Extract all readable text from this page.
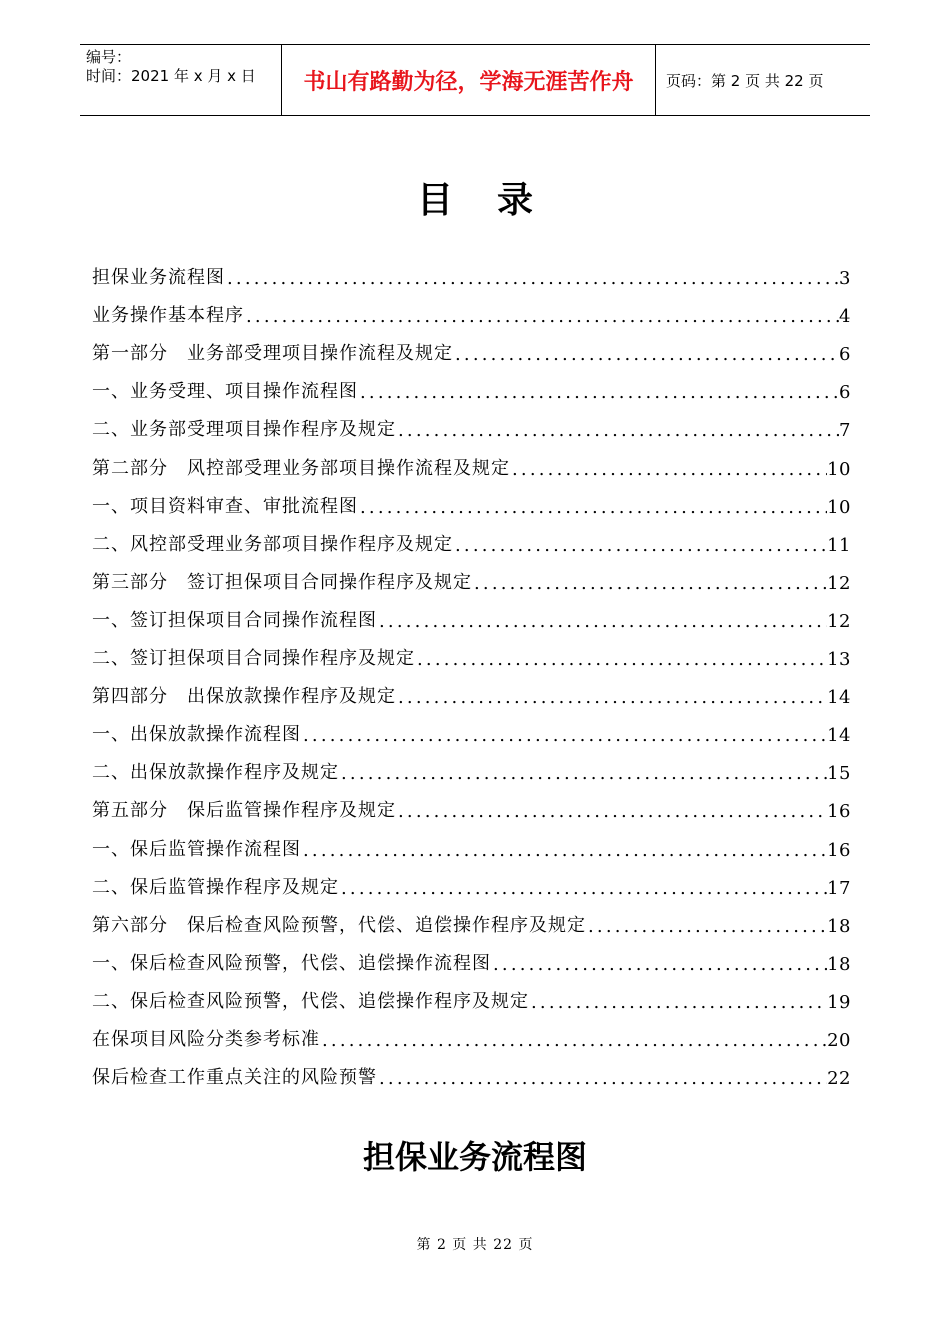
编号：
时间：2021 年 x 月 x 日	书山有路勤为径，学海无涯苦作舟	页码：第 2 页 共 22 页
目录
担保业务流程图 .....	3
业务操作基本程序 .....	4
第一部分　业务部受理项目操作流程及规定 .....	6
一、业务受理、项目操作流程图 .....	6
二、业务部受理项目操作程序及规定 .....	7
第二部分　风控部受理业务部项目操作流程及规定 .....	10
一、项目资料审查、审批流程图 .....	10
二、风控部受理业务部项目操作程序及规定 .....	11
第三部分　签订担保项目合同操作程序及规定 .....	12
一、签订担保项目合同操作流程图 .....	12
二、签订担保项目合同操作程序及规定 .....	13
第四部分　出保放款操作程序及规定 .....	14
一、出保放款操作流程图 .....	14
二、出保放款操作程序及规定 .....	15
第五部分　保后监管操作程序及规定 .....	16
一、保后监管操作流程图 .....	16
二、保后监管操作程序及规定 .....	17
第六部分　保后检查风险预警，代偿、追偿操作程序及规定 .....	18
一、保后检查风险预警，代偿、追偿操作流程图 .....	18
二、保后检查风险预警，代偿、追偿操作程序及规定 .....	19
在保项目风险分类参考标准 .....	20
保后检查工作重点关注的风险预警 .....	22
担保业务流程图
第 2 页 共 22 页
